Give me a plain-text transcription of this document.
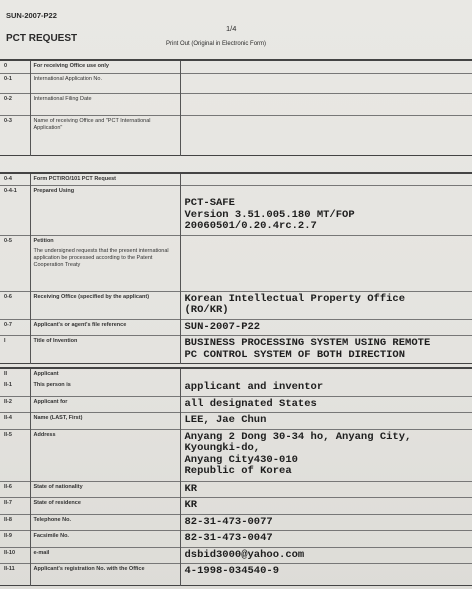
SUN-2007-P22
1/4
PCT REQUEST	Print Out (Original in Electronic Form)
0	For receiving Office use only	
0-1	International Application No.	
0-2	International Filing Date	
0-3	Name of receiving Office and "PCT International Application"	

0-4	Form PCT/RO/101 PCT Request	
0-4-1	Prepared Using	PCT-SAFE
Version 3.51.005.180 MT/FOP
20060501/0.20.4rc.2.7

0-5	Petition
The undersigned requests that the present international application be processed according to the Patent Cooperation Treaty	

0-6	Receiving Office (specified by the applicant)	Korean Intellectual Property Office
(RO/KR)

0-7	Applicant's or agent's file reference	SUN-2007-P22
I	Title of Invention	BUSINESS PROCESSING SYSTEM USING REMOTE
PC CONTROL SYSTEM OF BOTH DIRECTION

II	Applicant	
II-1	This person is	applicant and inventor
II-2	Applicant for	all designated States
II-4	Name (LAST, First)	LEE, Jae Chun
II-5	Address	Anyang 2 Dong 30-34 ho, Anyang City,
Kyoungki-do,
Anyang City430-010
Republic of Korea

II-6	State of nationality	KR
II-7	State of residence	KR
II-8	Telephone No.	82-31-473-0077
II-9	Facsimile No.	82-31-473-0047
II-10	e-mail	dsbid3000@yahoo.com
II-11	Applicant's registration No. with the Office	4-1998-034540-9
